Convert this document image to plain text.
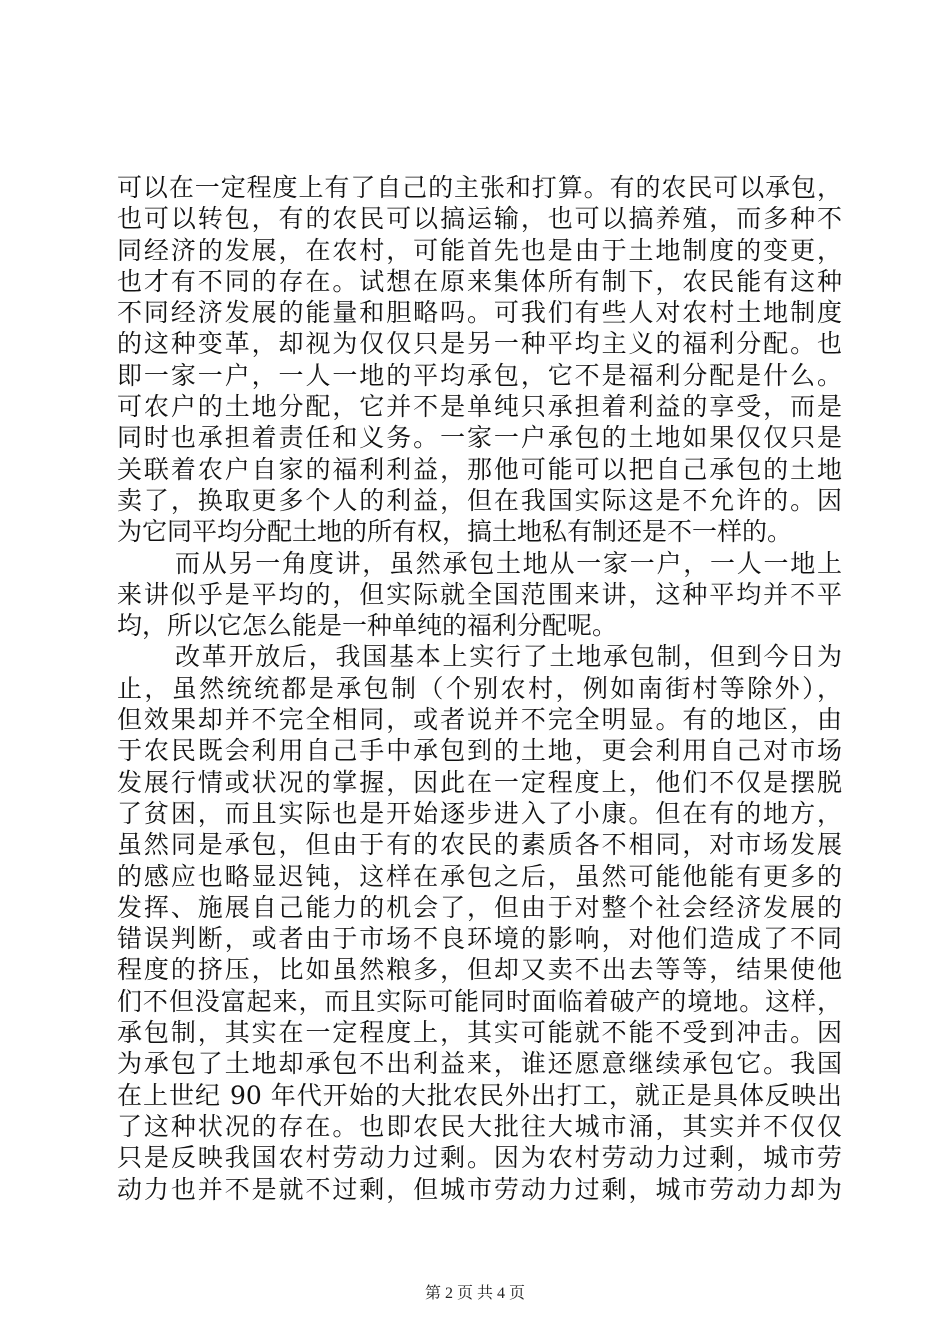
可以在一定程度上有了自己的主张和打算。有的农民可以承包，
也可以转包，有的农民可以搞运输，也可以搞养殖，而多种不
同经济的发展，在农村，可能首先也是由于土地制度的变更，
也才有不同的存在。试想在原来集体所有制下，农民能有这种
不同经济发展的能量和胆略吗。可我们有些人对农村土地制度
的这种变革，却视为仅仅只是另一种平均主义的福利分配。也
即一家一户，一人一地的平均承包，它不是福利分配是什么。
可农户的土地分配，它并不是单纯只承担着利益的享受，而是
同时也承担着责任和义务。一家一户承包的土地如果仅仅只是
关联着农户自家的福利利益，那他可能可以把自己承包的土地
卖了，换取更多个人的利益，但在我国实际这是不允许的。因
为它同平均分配土地的所有权，搞土地私有制还是不一样的。
而从另一角度讲，虽然承包土地从一家一户，一人一地上
来讲似乎是平均的，但实际就全国范围来讲，这种平均并不平
均，所以它怎么能是一种单纯的福利分配呢。
改革开放后，我国基本上实行了土地承包制，但到今日为
止，虽然统统都是承包制（个别农村，例如南街村等除外），
但效果却并不完全相同，或者说并不完全明显。有的地区，由
于农民既会利用自己手中承包到的土地，更会利用自己对市场
发展行情或状况的掌握，因此在一定程度上，他们不仅是摆脱
了贫困，而且实际也是开始逐步进入了小康。但在有的地方，
虽然同是承包，但由于有的农民的素质各不相同，对市场发展
的感应也略显迟钝，这样在承包之后，虽然可能他能有更多的
发挥、施展自己能力的机会了，但由于对整个社会经济发展的
错误判断，或者由于市场不良环境的影响，对他们造成了不同
程度的挤压，比如虽然粮多，但却又卖不出去等等，结果使他
们不但没富起来，而且实际可能同时面临着破产的境地。这样，
承包制，其实在一定程度上，其实可能就不能不受到冲击。因
为承包了土地却承包不出利益来，谁还愿意继续承包它。我国
在上世纪 90 年代开始的大批农民外出打工，就正是具体反映出
了这种状况的存在。也即农民大批往大城市涌，其实并不仅仅
只是反映我国农村劳动力过剩。因为农村劳动力过剩，城市劳
动力也并不是就不过剩，但城市劳动力过剩，城市劳动力却为
第 2 页 共 4 页
